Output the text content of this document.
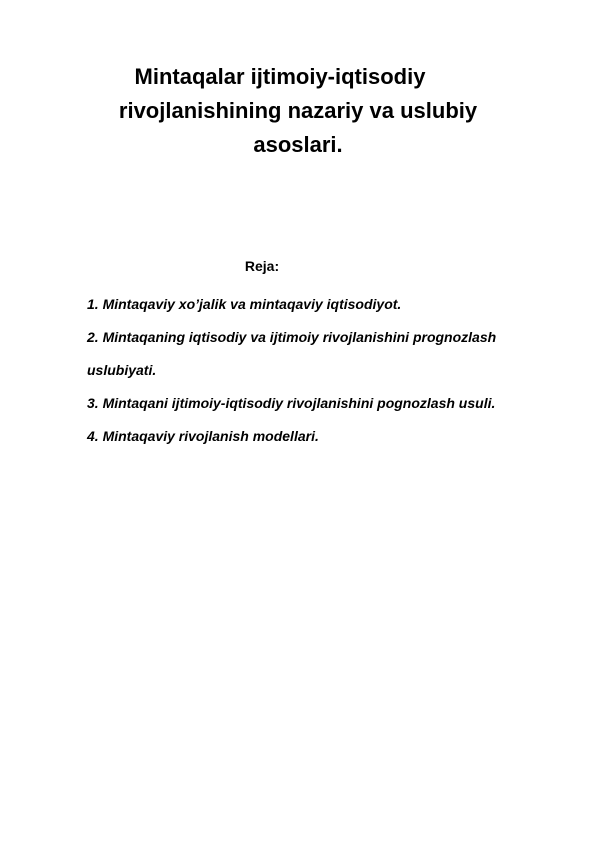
Mintaqalar ijtimoiy-iqtisodiy
rivojlanishining nazariy va uslubiy
asoslari.

Reja:

1. Mintaqaviy xo’jalik va mintaqaviy iqtisodiyot.
2. Mintaqaning iqtisodiy va ijtimoiy rivojlanishini prognozlash uslubiyati.
3. Mintaqani ijtimoiy-iqtisodiy rivojlanishini pognozlash usuli.
4. Mintaqaviy rivojlanish modellari.
